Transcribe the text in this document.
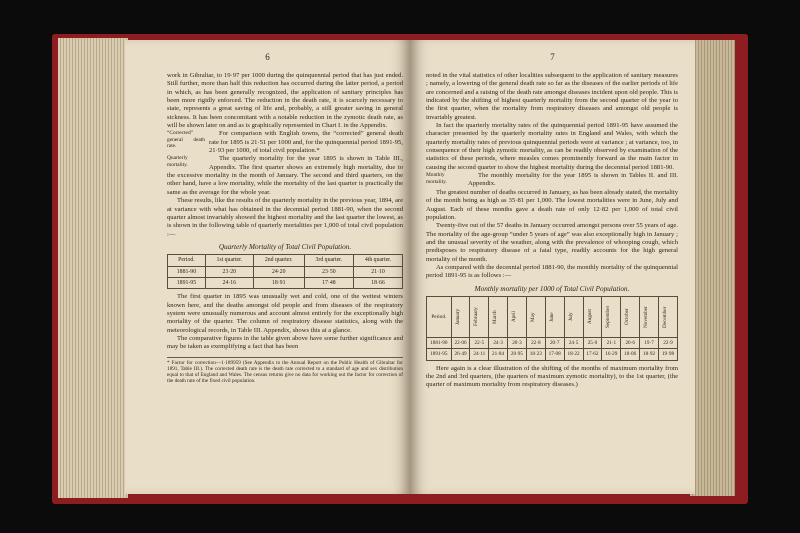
6

work in Gibraltar, to 19·97 per 1000 during the quinquennial period that has just ended. Still further, more than half this reduction has occurred during the latter period, a period in which, as has been generally recognized, the application of sanitary principles has been more rigidly enforced. The reduction in the death rate, it is scarcely necessary to state, represents a great saving of life and, probably, a still greater saving in general sickness. It has been concomitant with a notable reduction in the zymotic death rate, as will be shown later on and as is graphically represented in Chart I. in the Appendix.

“Corrected” general death rate.
For comparison with English towns, the “corrected” general death rate for 1895 is 21·51 per 1000 and, for the quinquennial period 1891-95, 21·93 per 1000, of total civil population.*

Quarterly mortality.
The quarterly mortality for the year 1895 is shown in Table III., Appendix. The first quarter shows an extremely high mortality, due to the excessive mortality in the month of January. The second and third quarters, on the other hand, have a low mortality, while the mortality of the last quarter is practically the same as the average for the whole year.

These results, like the results of the quarterly mortality in the previous year, 1894, are at variance with what has obtained in the decennial period 1881-90, when the second quarter almost invariably showed the highest mortality and the last quarter the lowest, as is shown in the following table of quarterly mortalities per 1,000 of total civil population :—

Quarterly Mortality of Total Civil Population.
Period.	1st quarter.	2nd quarter.	3rd quarter.	4th quarter.
1881-90	23·20	24·20	23·50	21·10
1891-95	24·16	18·91	17·48	18·66

The first quarter in 1895 was unusually wet and cold, one of the wettest winters known here, and the deaths amongst old people and from diseases of the respiratory system were unusually numerous and account almost entirely for the exceptionally high mortality of the quarter. The column of respiratory disease statistics, along with the meteorological records, in Table III. Appendix, shows this at a glance.

The comparative figures in the table given above have some further significance and may be taken as exemplifying a fact that has been

* Factor for correction—1·189959 (See Appendix to the Annual Report on the Public Health of Gibraltar for 1891, Table III.). The corrected death rate is the death rate corrected to a standard of age and sex distribution equal to that of England and Wales. The census returns give no data for working out the factor for correction of the death rate of the fixed civil population.
7

noted in the vital statistics of other localities subsequent to the application of sanitary measures ; namely, a lowering of the general death rate so far as the diseases of the earlier periods of life are concerned and a raising of the death rate amongst diseases incident upon old people. This is indicated by the shifting of highest quarterly mortality from the second quarter of the year to the first quarter, when the mortality from respiratory diseases and amongst old people is invariably greatest.

In fact the quarterly mortality rates of the quinquennial period 1891-95 have assumed the character presented by the quarterly mortality rates in England and Wales, with which the quarterly mortality rates of previous quinquennial periods were at variance ; at variance, too, in consequence of their high zymotic mortality, as can be readily observed by examination of the statistics of these periods, where measles comes prominently forward as the main factor in causing the second quarter to show the highest mortality during the decennial period 1881-90.

Monthly mortality.
The monthly mortality for the year 1895 is shown in Tables II. and III. Appendix.

The greatest number of deaths occurred in January, as has been already stated, the mortality of the month being as high as 35·81 per 1,000. The lowest mortalities were in June, July and August. Each of these months gave a death rate of only 12·82 per 1,000 of total civil population.

Twenty-five out of the 57 deaths in January occurred amongst persons over 55 years of age. The mortality of the age-group “under 5 years of age” was also exceptionally high in January ; and the unusual severity of the weather, along with the prevalence of whooping cough, which predisposes to respiratory disease of a fatal type, readily accounts for the high general mortality of the month.

As compared with the decennial period 1881-90, the monthly mortality of the quinquennial period 1891-95 is as follows :—

Monthly mortality per 1000 of Total Civil Population.
Period.	January	February	March	April	May	June	July	August	September	October	November	December

1881-90	22·06	22·5	24·3	20·3	22·8	20·7	24·5	25·0	21·1	20·6	19·7	22·9
1891-95	26·49	24·11	21·84	20·95	18·23	17·08	18·22	17·62	16·29	18·06	18·92	19·98

Here again is a clear illustration of the shifting of the months of maximum mortality from the 2nd and 3rd quarters, (the quarters of maximum zymotic mortality), to the 1st quarter, (the quarter of maximum mortality from respiratory diseases.)
